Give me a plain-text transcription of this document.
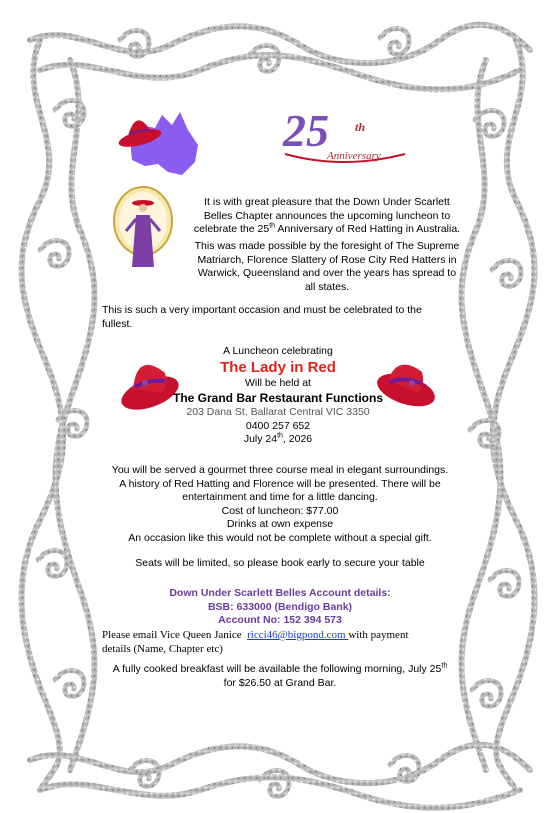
25 th
Anniversary
It is with great pleasure that the Down Under Scarlett
Belles Chapter announces the upcoming luncheon to
celebrate the 25th Anniversary of Red Hatting in Australia.
This was made possible by the foresight of The Supreme
Matriarch, Florence Slattery of Rose City Red Hatters in
Warwick, Queensland and over the years has spread to
all states.
This is such a very important occasion and must be celebrated to the
fullest.
A Luncheon celebrating
The Lady in Red
Will be held at
The Grand Bar Restaurant Functions
203 Dana St, Ballarat Central VIC 3350
0400 257 652
July 24th, 2026
You will be served a gourmet three course meal in elegant surroundings.
A history of Red Hatting and Florence will be presented. There will be
entertainment and time for a little dancing.
Cost of luncheon: $77.00
Drinks at own expense
An occasion like this would not be complete without a special gift.
Seats will be limited, so please book early to secure your table
Down Under Scarlett Belles Account details:
BSB: 633000 (Bendigo Bank)
Account No: 152 394 573
Please email Vice Queen Janice  ricci46@bigpond.com with payment
details (Name, Chapter etc)
A fully cooked breakfast will be available the following morning, July 25th
for $26.50 at Grand Bar.
